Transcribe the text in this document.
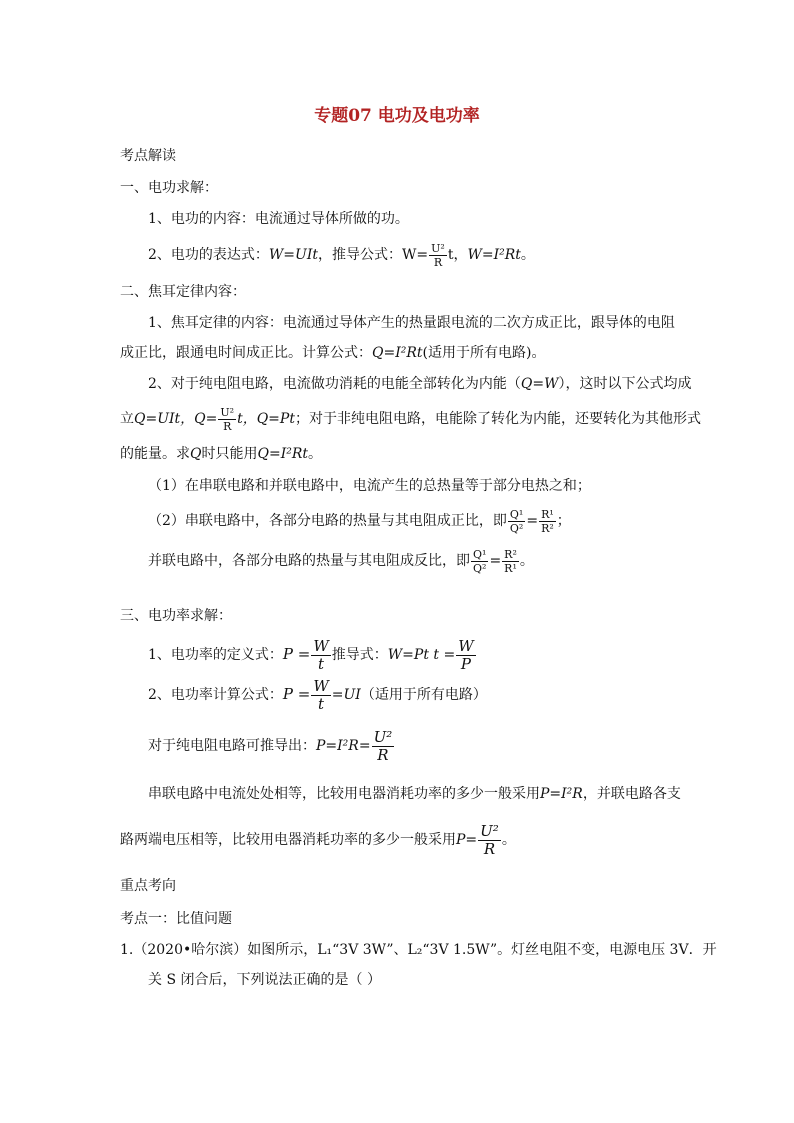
专题07 电功及电功率
考点解读
一、电功求解：
1、电功的内容：电流通过导体所做的功。
2、电功的表达式：W=UIt，推导公式：$W= \frac{\text{U²}}{R}$ t，W=I²Rt。
二、焦耳定律内容：
1、焦耳定律的内容：电流通过导体产生的热量跟电流的二次方成正比，跟导体的电阻
成正比，跟通电时间成正比。计算公式：Q=I²Rt(适用于所有电路)。
2、对于纯电阻电路，电流做功消耗的电能全部转化为内能（Q=W），这时以下公式均成
立Q=UIt，$Q= \frac{\text{U²}}{R}$ t，Q=Pt；对于非纯电阻电路，电能除了转化为内能，还要转化为其他形式
的能量。求Q时只能用Q=I²Rt。
（1）在串联电路和并联电路中，电流产生的总热量等于部分电热之和；
（2）串联电路中，各部分电路的热量与其电阻成正比，即 $\frac{\text{Q¹}}{\text{Q²}} = \frac{\text{R¹}}{\text{R²}}$ ；
并联电路中，各部分电路的热量与其电阻成反比，即 $\frac{\text{Q¹}}{\text{Q²}} = \frac{\text{R²}}{\text{R¹}}$ 。
三、电功率求解：
1、电功率的定义式：$P = \frac{W}{t}$ 推导式：W=Pt $t = \frac{W}{P}$
2、电功率计算公式：$P = \frac{W}{t} =UI$（适用于所有电路）
对于纯电阻电路可推导出：$P=I^2R= \frac{\text{U²}}{R}$
串联电路中电流处处相等，比较用电器消耗功率的多少一般采用P=I²R，并联电路各支
路两端电压相等，比较用电器消耗功率的多少一般采用$P= \frac{\text{U²}}{R}$ 。
重点考向
考点一：比值问题
1.（2020•哈尔滨）如图所示，L₁“3V 3W”、L₂“3V 1.5W”。灯丝电阻不变，电源电压 3V．开
关 S 闭合后，下列说法正确的是（ ）
